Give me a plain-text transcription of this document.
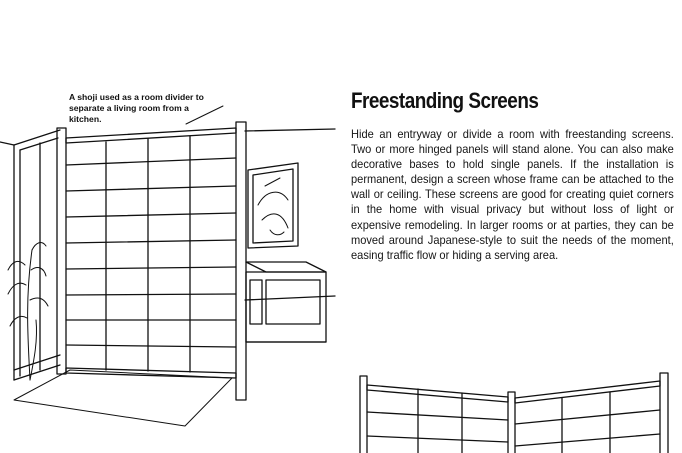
A shoji used as a room divider to separate a living room from a kitchen.
Freestanding Screens

Hide an entryway or divide a room with freestanding screens. Two or more hinged panels will stand alone. You can also make decorative bases to hold single panels. If the installation is permanent, design a screen whose frame can be attached to the wall or ceiling. These screens are good for creating quiet corners in the home with visual privacy but without loss of light or expensive remodeling. In larger rooms or at parties, they can be moved around Japanese-style to suit the needs of the moment, easing traffic flow or hiding a serving area.
